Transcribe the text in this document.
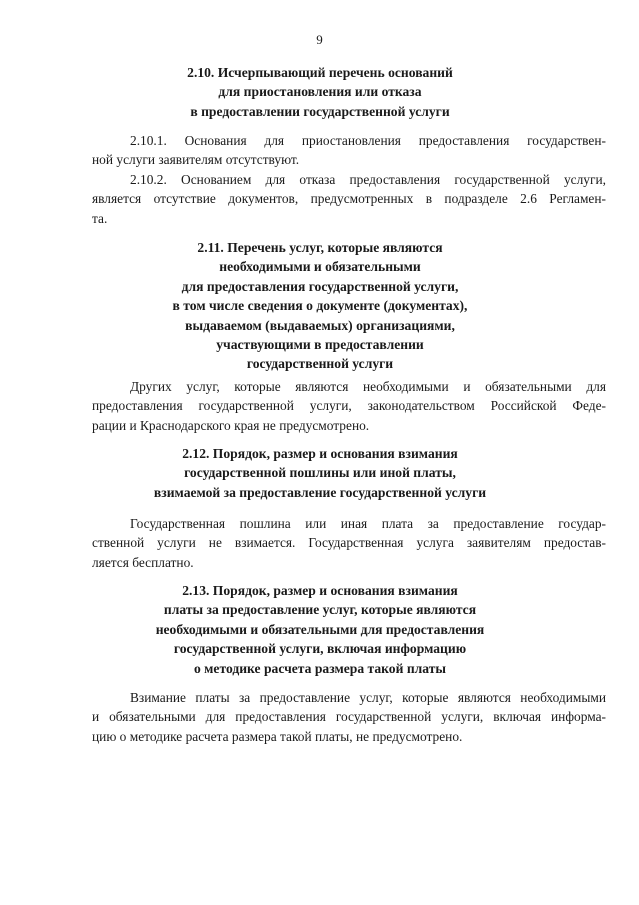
9
2.10. Исчерпывающий перечень оснований
для приостановления или отказа
в предоставлении государственной услуги
2.10.1. Основания для приостановления предоставления государствен-
ной услуги заявителям отсутствуют.
2.10.2. Основанием для отказа предоставления государственной услуги,
является отсутствие документов, предусмотренных в подразделе 2.6 Регламен-
та.
2.11. Перечень услуг, которые являются
необходимыми и обязательными
для предоставления государственной услуги,
в том числе сведения о документе (документах),
выдаваемом (выдаваемых) организациями,
участвующими в предоставлении
государственной услуги
Других услуг, которые являются необходимыми и обязательными для
предоставления государственной услуги, законодательством Российской Феде-
рации и Краснодарского края не предусмотрено.
2.12. Порядок, размер и основания взимания
государственной пошлины или иной платы,
взимаемой за предоставление государственной услуги
Государственная пошлина или иная плата за предоставление государ-
ственной услуги не взимается. Государственная услуга заявителям предостав-
ляется бесплатно.
2.13. Порядок, размер и основания взимания
платы за предоставление услуг, которые являются
необходимыми и обязательными для предоставления
государственной услуги, включая информацию
о методике расчета размера такой платы
Взимание платы за предоставление услуг, которые являются необходимыми
и обязательными для предоставления государственной услуги, включая информа-
цию о методике расчета размера такой платы, не предусмотрено.
